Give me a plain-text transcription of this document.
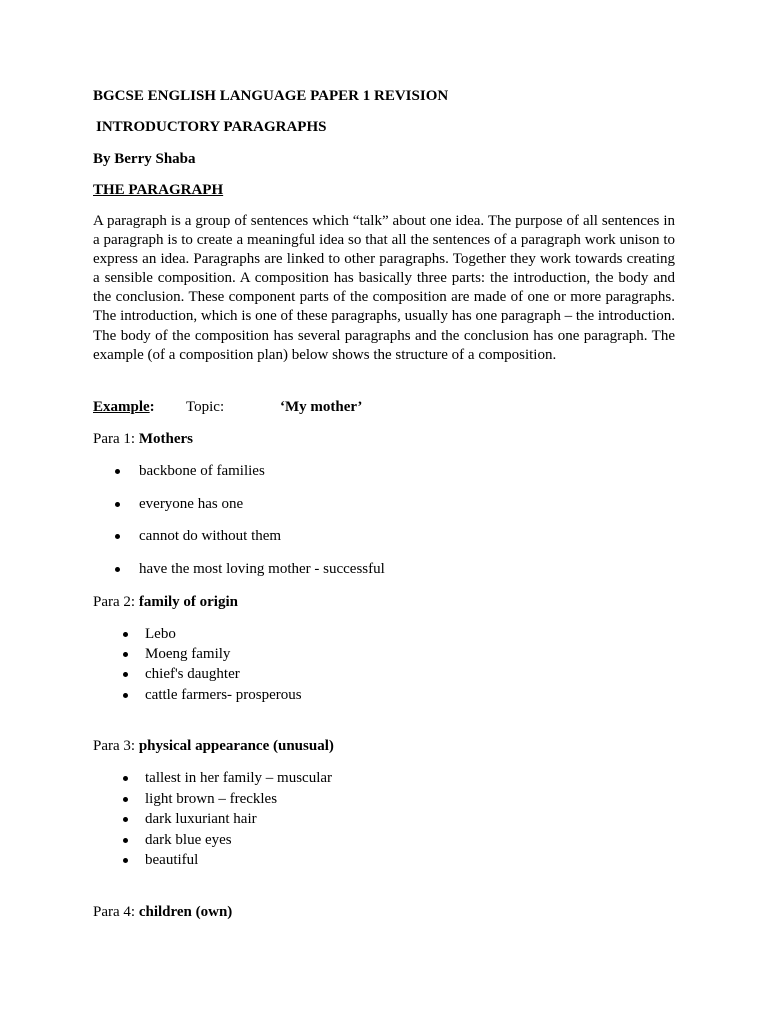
BGCSE ENGLISH LANGUAGE PAPER 1 REVISION
INTRODUCTORY PARAGRAPHS
By Berry Shaba
THE PARAGRAPH
A paragraph is a group of sentences which “talk” about one idea. The purpose of all sentences in a paragraph is to create a meaningful idea so that all the sentences of a paragraph work unison to express an idea. Paragraphs are linked to other paragraphs. Together they work towards creating a sensible composition. A composition has basically three parts: the introduction, the body and the conclusion. These component parts of the composition are made of one or more paragraphs. The introduction, which is one of these paragraphs, usually has one paragraph – the introduction. The body of the composition has several paragraphs and the conclusion has one paragraph. The example (of a composition plan) below shows the structure of a composition.
Example: Topic:	‘My mother’
Para 1: Mothers
backbone of families
everyone has one
cannot do without them
have the most loving mother - successful
Para 2: family of origin
Lebo
Moeng family
chief's daughter
cattle farmers- prosperous
Para 3: physical appearance (unusual)
tallest in her family – muscular
light brown – freckles
dark luxuriant hair
dark blue eyes
beautiful
Para 4: children (own)
